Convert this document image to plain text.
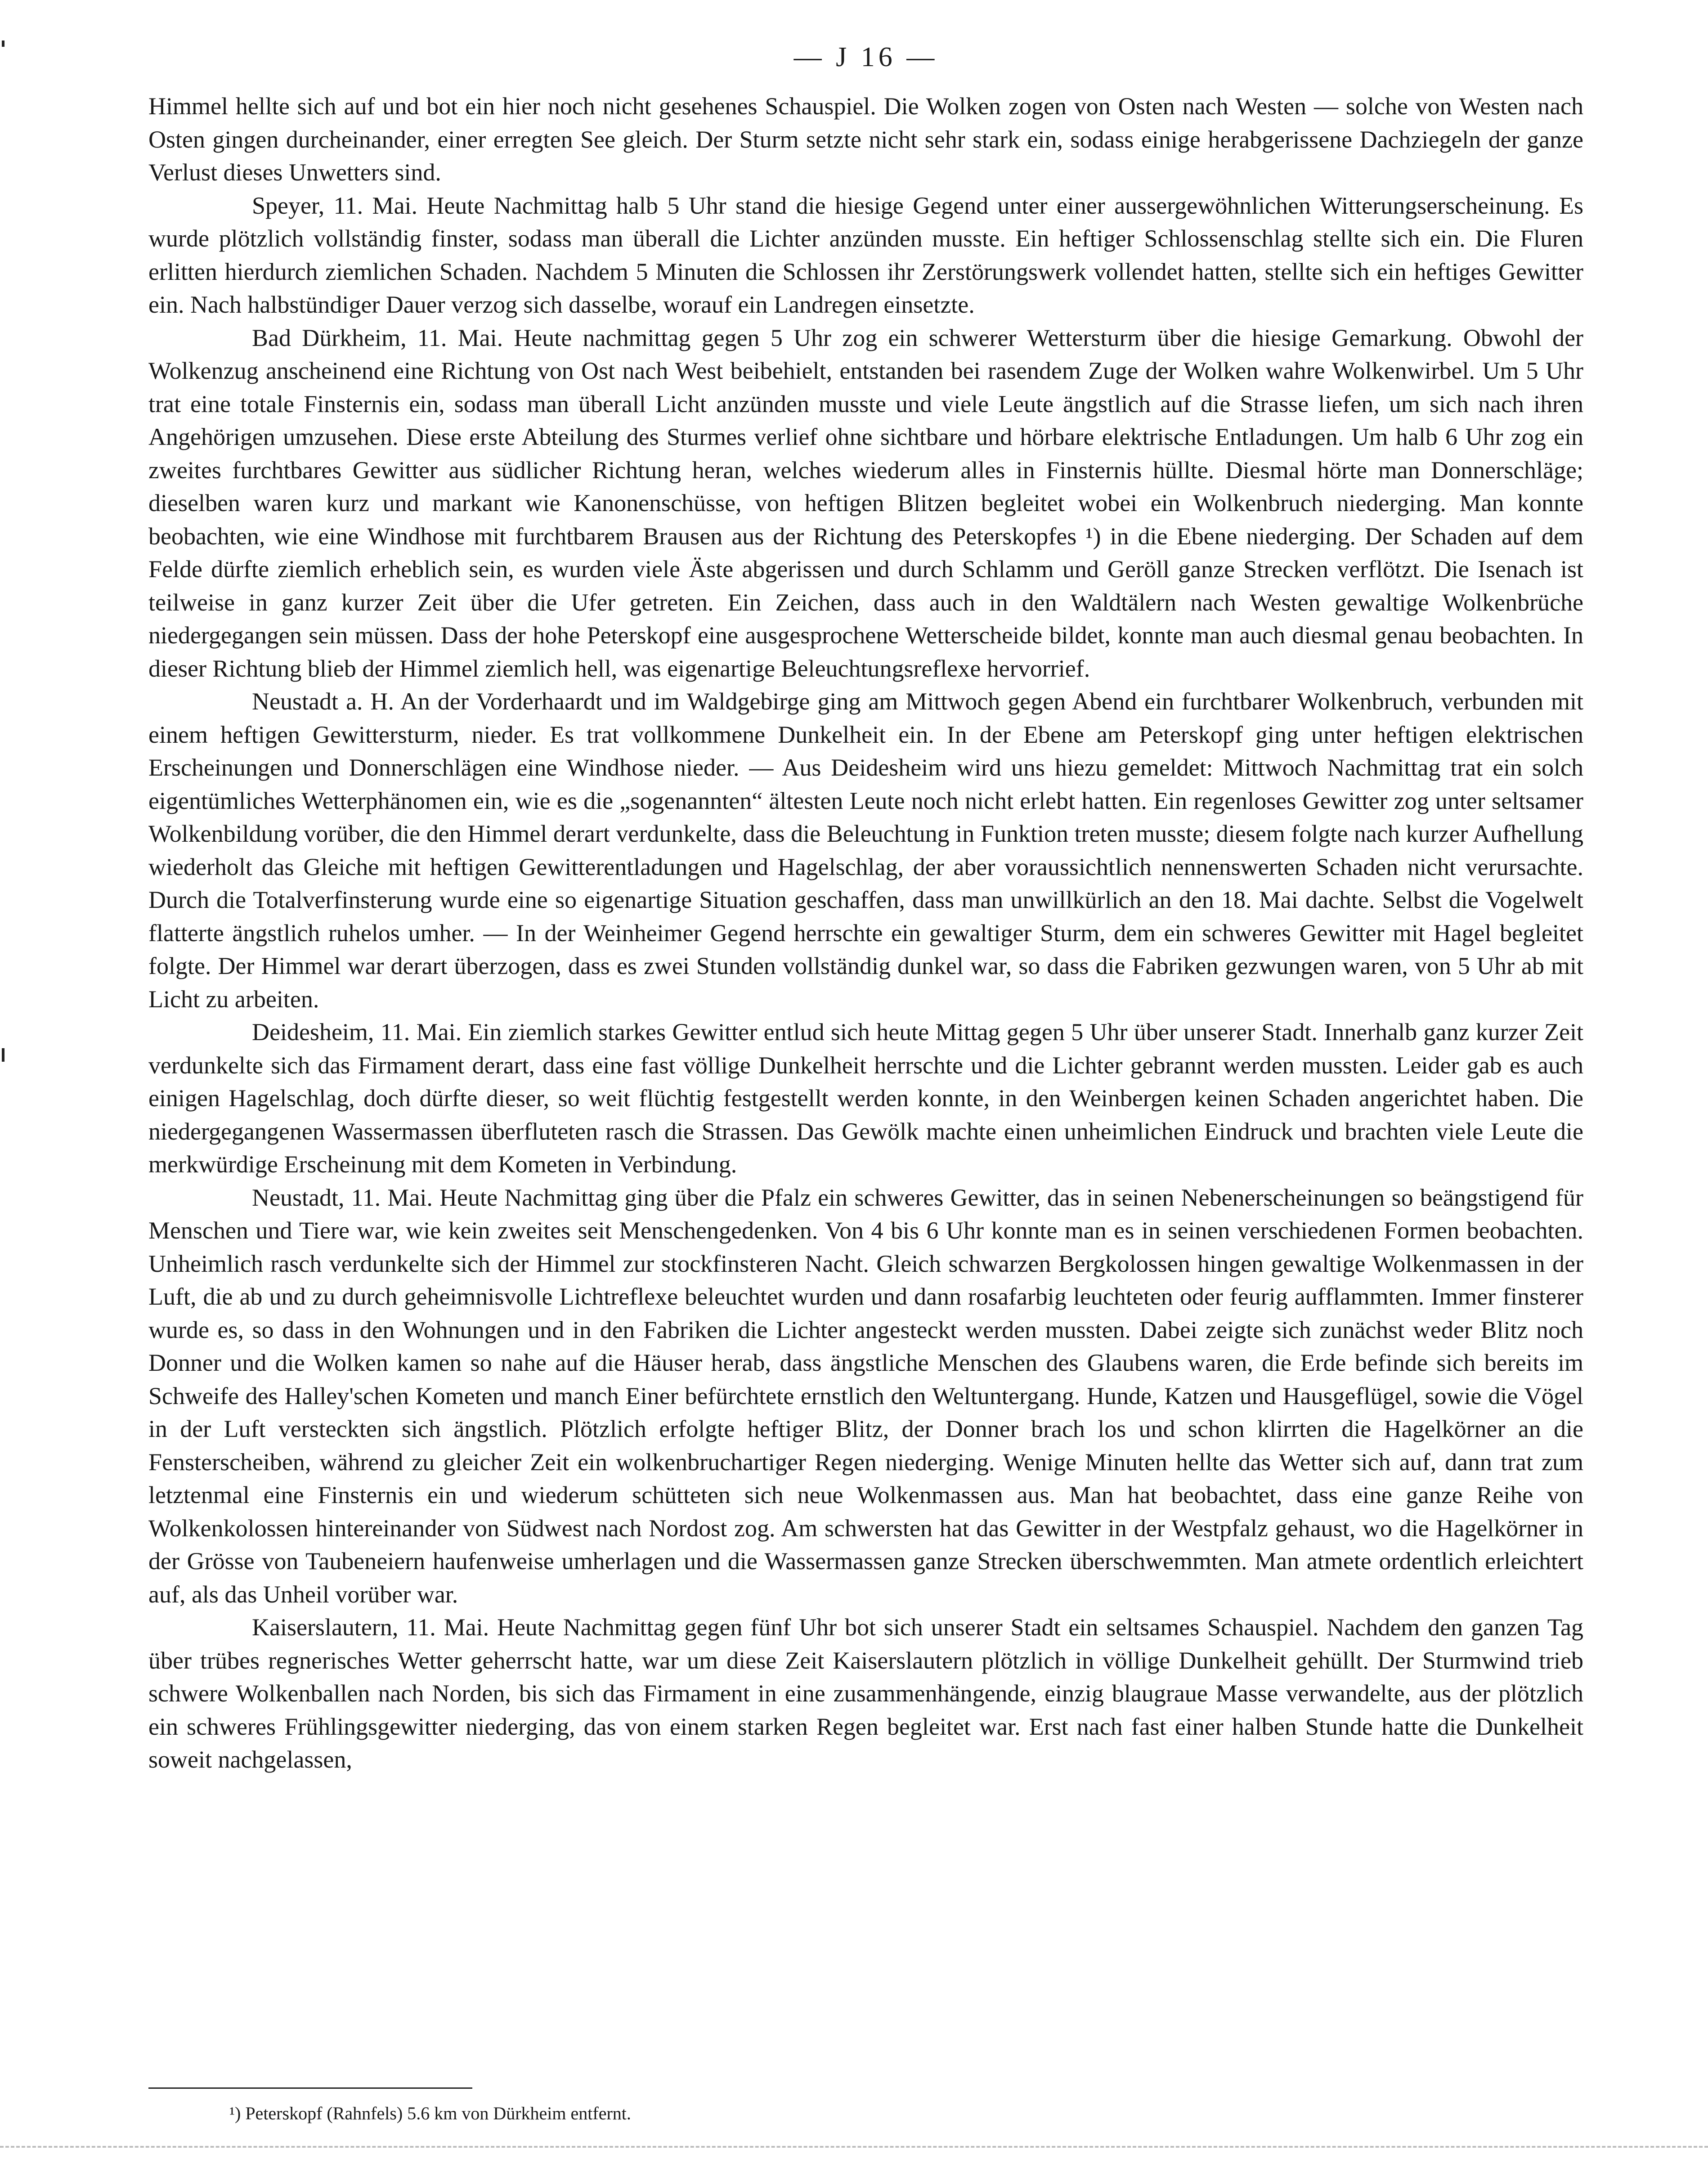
— J 16 —

Himmel hellte sich auf und bot ein hier noch nicht gesehenes Schauspiel. Die Wolken zogen von Osten nach Westen — solche von Westen nach Osten gingen durcheinander, einer erregten See gleich. Der Sturm setzte nicht sehr stark ein, sodass einige herabgerissene Dachziegeln der ganze Verlust dieses Unwetters sind.

Speyer, 11. Mai. Heute Nachmittag halb 5 Uhr stand die hiesige Gegend unter einer aussergewöhnlichen Witterungserscheinung. Es wurde plötzlich vollständig finster, sodass man überall die Lichter anzünden musste. Ein heftiger Schlossenschlag stellte sich ein. Die Fluren erlitten hierdurch ziemlichen Schaden. Nachdem 5 Minuten die Schlossen ihr Zerstörungswerk vollendet hatten, stellte sich ein heftiges Gewitter ein. Nach halbstündiger Dauer verzog sich dasselbe, worauf ein Landregen einsetzte.

Bad Dürkheim, 11. Mai. Heute nachmittag gegen 5 Uhr zog ein schwerer Wettersturm über die hiesige Gemarkung. Obwohl der Wolkenzug anscheinend eine Richtung von Ost nach West beibehielt, entstanden bei rasendem Zuge der Wolken wahre Wolkenwirbel. Um 5 Uhr trat eine totale Finsternis ein, sodass man überall Licht anzünden musste und viele Leute ängstlich auf die Strasse liefen, um sich nach ihren Angehörigen umzusehen. Diese erste Abteilung des Sturmes verlief ohne sichtbare und hörbare elektrische Entladungen. Um halb 6 Uhr zog ein zweites furchtbares Gewitter aus südlicher Richtung heran, welches wiederum alles in Finsternis hüllte. Diesmal hörte man Donnerschläge; dieselben waren kurz und markant wie Kanonenschüsse, von heftigen Blitzen begleitet wobei ein Wolkenbruch niederging. Man konnte beobachten, wie eine Windhose mit furchtbarem Brausen aus der Richtung des Peterskopfes ¹) in die Ebene niederging. Der Schaden auf dem Felde dürfte ziemlich erheblich sein, es wurden viele Äste abgerissen und durch Schlamm und Geröll ganze Strecken verflötzt. Die Isenach ist teilweise in ganz kurzer Zeit über die Ufer getreten. Ein Zeichen, dass auch in den Waldtälern nach Westen gewaltige Wolkenbrüche niedergegangen sein müssen. Dass der hohe Peterskopf eine ausgesprochene Wetterscheide bildet, konnte man auch diesmal genau beobachten. In dieser Richtung blieb der Himmel ziemlich hell, was eigenartige Beleuchtungsreflexe hervorrief.

Neustadt a. H. An der Vorderhaardt und im Waldgebirge ging am Mittwoch gegen Abend ein furchtbarer Wolkenbruch, verbunden mit einem heftigen Gewittersturm, nieder. Es trat vollkommene Dunkelheit ein. In der Ebene am Peterskopf ging unter heftigen elektrischen Erscheinungen und Donnerschlägen eine Windhose nieder. — Aus Deidesheim wird uns hiezu gemeldet: Mittwoch Nachmittag trat ein solch eigentümliches Wetterphänomen ein, wie es die „sogenannten“ ältesten Leute noch nicht erlebt hatten. Ein regenloses Gewitter zog unter seltsamer Wolkenbildung vorüber, die den Himmel derart verdunkelte, dass die Beleuchtung in Funktion treten musste; diesem folgte nach kurzer Aufhellung wiederholt das Gleiche mit heftigen Gewitterentladungen und Hagelschlag, der aber voraussichtlich nennenswerten Schaden nicht verursachte. Durch die Totalverfinsterung wurde eine so eigenartige Situation geschaffen, dass man unwillkürlich an den 18. Mai dachte. Selbst die Vogelwelt flatterte ängstlich ruhelos umher. — In der Weinheimer Gegend herrschte ein gewaltiger Sturm, dem ein schweres Gewitter mit Hagel begleitet folgte. Der Himmel war derart überzogen, dass es zwei Stunden vollständig dunkel war, so dass die Fabriken gezwungen waren, von 5 Uhr ab mit Licht zu arbeiten.

Deidesheim, 11. Mai. Ein ziemlich starkes Gewitter entlud sich heute Mittag gegen 5 Uhr über unserer Stadt. Innerhalb ganz kurzer Zeit verdunkelte sich das Firmament derart, dass eine fast völlige Dunkelheit herrschte und die Lichter gebrannt werden mussten. Leider gab es auch einigen Hagelschlag, doch dürfte dieser, so weit flüchtig festgestellt werden konnte, in den Weinbergen keinen Schaden angerichtet haben. Die niedergegangenen Wassermassen überfluteten rasch die Strassen. Das Gewölk machte einen unheimlichen Eindruck und brachten viele Leute die merkwürdige Erscheinung mit dem Kometen in Verbindung.

Neustadt, 11. Mai. Heute Nachmittag ging über die Pfalz ein schweres Gewitter, das in seinen Nebenerscheinungen so beängstigend für Menschen und Tiere war, wie kein zweites seit Menschengedenken. Von 4 bis 6 Uhr konnte man es in seinen verschiedenen Formen beobachten. Unheimlich rasch verdunkelte sich der Himmel zur stockfinsteren Nacht. Gleich schwarzen Bergkolossen hingen gewaltige Wolkenmassen in der Luft, die ab und zu durch geheimnisvolle Lichtreflexe beleuchtet wurden und dann rosafarbig leuchteten oder feurig aufflammten. Immer finsterer wurde es, so dass in den Wohnungen und in den Fabriken die Lichter angesteckt werden mussten. Dabei zeigte sich zunächst weder Blitz noch Donner und die Wolken kamen so nahe auf die Häuser herab, dass ängstliche Menschen des Glaubens waren, die Erde befinde sich bereits im Schweife des Halley'schen Kometen und manch Einer befürchtete ernstlich den Weltuntergang. Hunde, Katzen und Hausgeflügel, sowie die Vögel in der Luft versteckten sich ängstlich. Plötzlich erfolgte heftiger Blitz, der Donner brach los und schon klirrten die Hagelkörner an die Fensterscheiben, während zu gleicher Zeit ein wolkenbruchartiger Regen niederging. Wenige Minuten hellte das Wetter sich auf, dann trat zum letztenmal eine Finsternis ein und wiederum schütteten sich neue Wolkenmassen aus. Man hat beobachtet, dass eine ganze Reihe von Wolkenkolossen hintereinander von Südwest nach Nordost zog. Am schwersten hat das Gewitter in der Westpfalz gehaust, wo die Hagelkörner in der Grösse von Taubeneiern haufenweise umherlagen und die Wassermassen ganze Strecken überschwemmten. Man atmete ordentlich erleichtert auf, als das Unheil vorüber war.

Kaiserslautern, 11. Mai. Heute Nachmittag gegen fünf Uhr bot sich unserer Stadt ein seltsames Schauspiel. Nachdem den ganzen Tag über trübes regnerisches Wetter geherrscht hatte, war um diese Zeit Kaiserslautern plötzlich in völlige Dunkelheit gehüllt. Der Sturmwind trieb schwere Wolkenballen nach Norden, bis sich das Firmament in eine zusammenhängende, einzig blaugraue Masse verwandelte, aus der plötzlich ein schweres Frühlingsgewitter niederging, das von einem starken Regen begleitet war. Erst nach fast einer halben Stunde hatte die Dunkelheit soweit nachgelassen,

¹) Peterskopf (Rahnfels) 5.6 km von Dürkheim entfernt.
